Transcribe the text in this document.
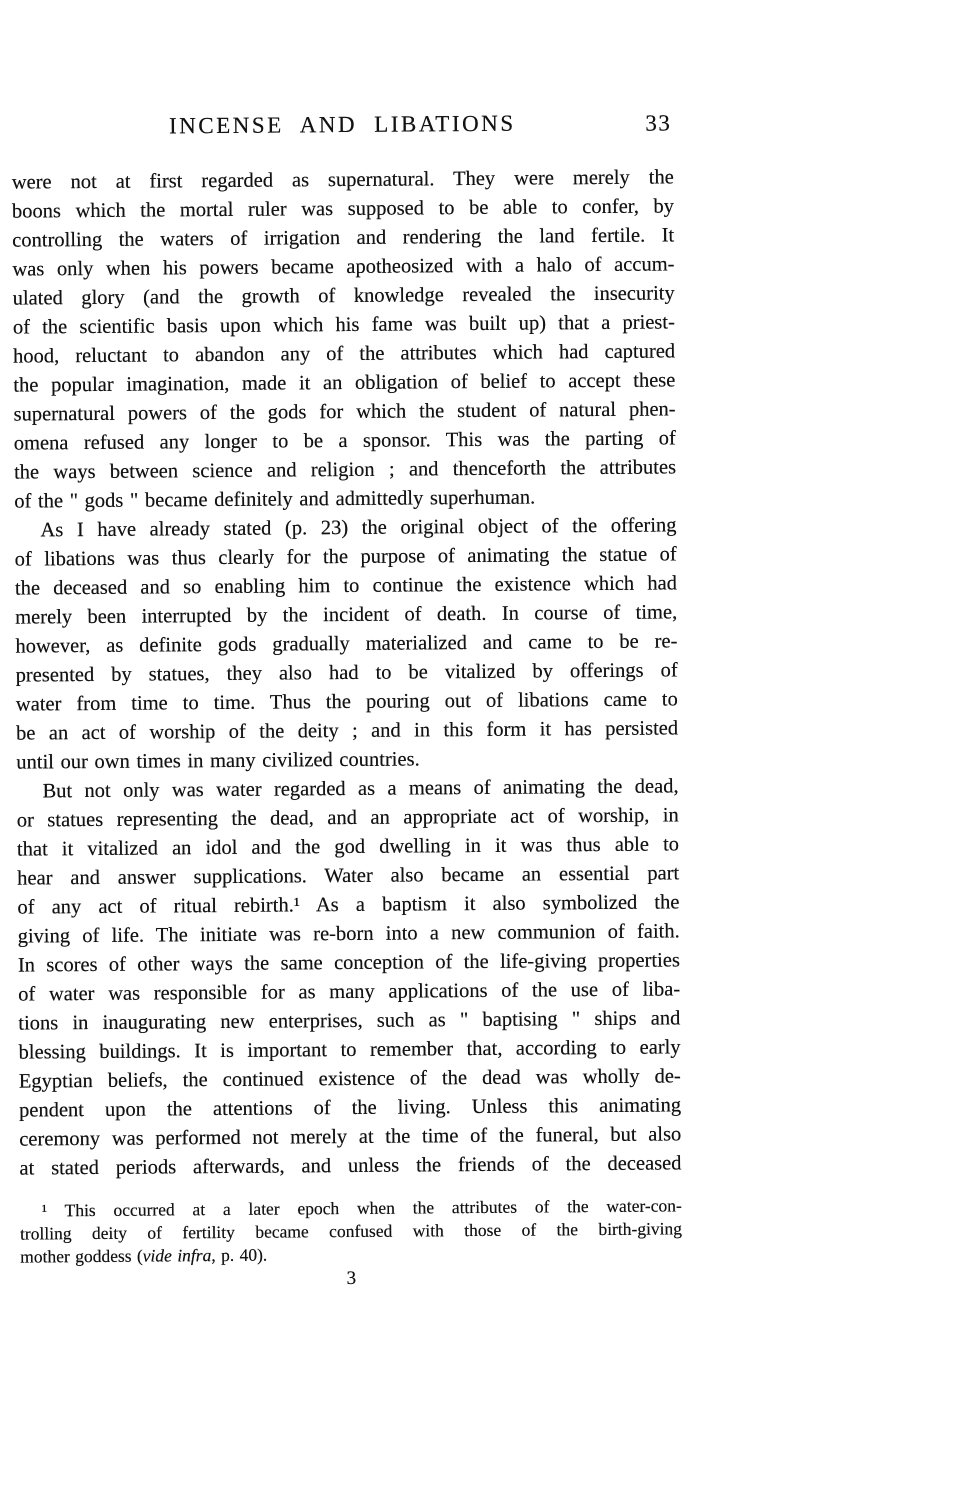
INCENSE AND LIBATIONS	33
were not at first regarded as supernatural. They were merely the
boons which the mortal ruler was supposed to be able to confer, by
controlling the waters of irrigation and rendering the land fertile. It
was only when his powers became apotheosized with a halo of accum-
ulated glory (and the growth of knowledge revealed the insecurity
of the scientific basis upon which his fame was built up) that a priest-
hood, reluctant to abandon any of the attributes which had captured
the popular imagination, made it an obligation of belief to accept these
supernatural powers of the gods for which the student of natural phen-
omena refused any longer to be a sponsor. This was the parting of
the ways between science and religion ; and thenceforth the attributes
of the " gods " became definitely and admittedly superhuman.
As I have already stated (p. 23) the original object of the offering
of libations was thus clearly for the purpose of animating the statue of
the deceased and so enabling him to continue the existence which had
merely been interrupted by the incident of death. In course of time,
however, as definite gods gradually materialized and came to be re-
presented by statues, they also had to be vitalized by offerings of
water from time to time. Thus the pouring out of libations came to
be an act of worship of the deity ; and in this form it has persisted
until our own times in many civilized countries.
But not only was water regarded as a means of animating the dead,
or statues representing the dead, and an appropriate act of worship, in
that it vitalized an idol and the god dwelling in it was thus able to
hear and answer supplications. Water also became an essential part
of any act of ritual rebirth.¹ As a baptism it also symbolized the
giving of life. The initiate was re-born into a new communion of faith.
In scores of other ways the same conception of the life-giving properties
of water was responsible for as many applications of the use of liba-
tions in inaugurating new enterprises, such as " baptising " ships and
blessing buildings. It is important to remember that, according to early
Egyptian beliefs, the continued existence of the dead was wholly de-
pendent upon the attentions of the living. Unless this animating
ceremony was performed not merely at the time of the funeral, but also
at stated periods afterwards, and unless the friends of the deceased
¹ This occurred at a later epoch when the attributes of the water-con-
trolling deity of fertility became confused with those of the birth-giving
mother goddess (vide infra, p. 40).
3
